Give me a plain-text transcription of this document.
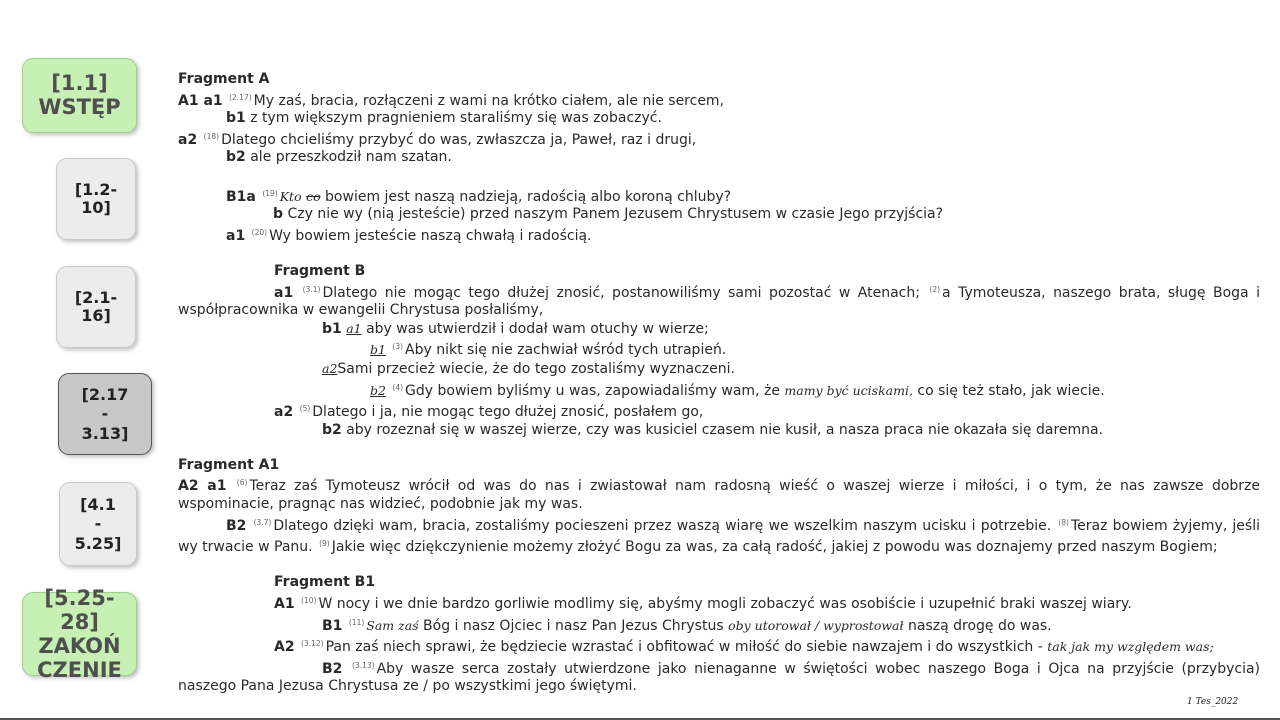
[1.1]
WSTĘP
[1.2-
10]
[2.1-
16]
[2.17
-
3.13]
[4.1
-
5.25]
[5.25-
28]
ZAKOŃ
CZENIE
Fragment A
A1 a1 $^{(2.17)}$ My zaś, bracia, rozłączeni z wami na krótko ciałem, ale nie sercem,
b1 z tym większym pragnieniem staraliśmy się was zobaczyć.
a2 $^{(18)}$ Dlatego chcieliśmy przybyć do was, zwłaszcza ja, Paweł, raz i drugi,
b2 ale przeszkodził nam szatan.
B1a $^{(19)}$ Kto co bowiem jest naszą nadzieją, radością albo koroną chluby?
b Czy nie wy (nią jesteście) przed naszym Panem Jezusem Chrystusem w czasie Jego przyjścia?
a1 $^{(20)}$ Wy bowiem jesteście naszą chwałą i radością.
Fragment B
a1 $^{(3.1)}$ Dlatego nie mogąc tego dłużej znosić, postanowiliśmy sami pozostać w Atenach; $^{(2)}$ a Tymoteusza, naszego brata, sługę Boga i współpracownika w ewangelii Chrystusa posłaliśmy,
b1 a1 aby was utwierdził i dodał wam otuchy w wierze;
b1 $^{(3)}$ Aby nikt się nie zachwiał wśród tych utrapień.
a2Sami przecież wiecie, że do tego zostaliśmy wyznaczeni.
b2 $^{(4)}$ Gdy bowiem byliśmy u was, zapowiadaliśmy wam, że mamy być uciskami, co się też stało, jak wiecie.
a2 $^{(5)}$ Dlatego i ja, nie mogąc tego dłużej znosić, posłałem go,
b2 aby rozeznał się w waszej wierze, czy was kusiciel czasem nie kusił, a nasza praca nie okazała się daremna.
Fragment A1
A2 a1 $^{(6)}$ Teraz zaś Tymoteusz wrócił od was do nas i zwiastował nam radosną wieść o waszej wierze i miłości, i o tym, że nas zawsze dobrze wspominacie, pragnąc nas widzieć, podobnie jak my was.
B2 $^{(3.7)}$ Dlatego dzięki wam, bracia, zostaliśmy pocieszeni przez waszą wiarę we wszelkim naszym ucisku i potrzebie. $^{(8)}$ Teraz bowiem żyjemy, jeśli wy trwacie w Panu. $^{(9)}$ Jakie więc dziękczynienie możemy złożyć Bogu za was, za całą radość, jakiej z powodu was doznajemy przed naszym Bogiem;
Fragment B1
A1 $^{(10)}$ W nocy i we dnie bardzo gorliwie modlimy się, abyśmy mogli zobaczyć was osobiście i uzupełnić braki waszej wiary.
B1 $^{(11)}$ Sam zaś Bóg i nasz Ojciec i nasz Pan Jezus Chrystus oby utorował / wyprostował naszą drogę do was.
A2 $^{(3.12)}$ Pan zaś niech sprawi, że będziecie wzrastać i obfitować w miłość do siebie nawzajem i do wszystkich - tak jak my względem was;
B2 $^{(3.13)}$ Aby wasze serca zostały utwierdzone jako nienaganne w świętości wobec naszego Boga i Ojca na przyjście (przybycia) naszego Pana Jezusa Chrystusa ze / po wszystkimi jego świętymi.
1 Tes_2022
